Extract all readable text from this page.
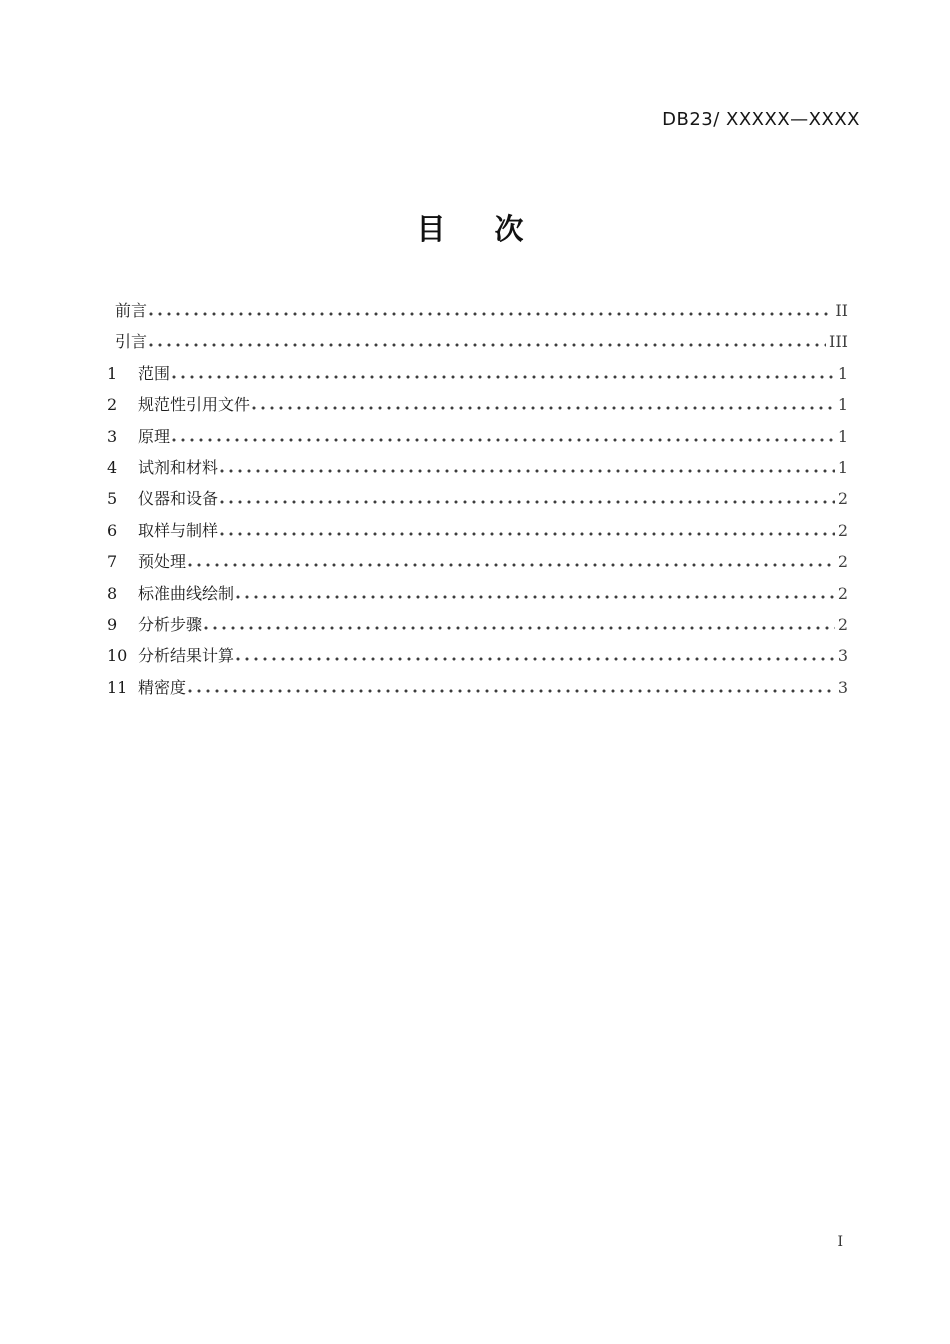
DB23/ XXXXX—XXXX
目　次
前言	II
引言	III
1	范围	1
2	规范性引用文件	1
3	原理	1
4	试剂和材料	1
5	仪器和设备	2
6	取样与制样	2
7	预处理	2
8	标准曲线绘制	2
9	分析步骤	2
10 分析结果计算	3
11 精密度	3
I
